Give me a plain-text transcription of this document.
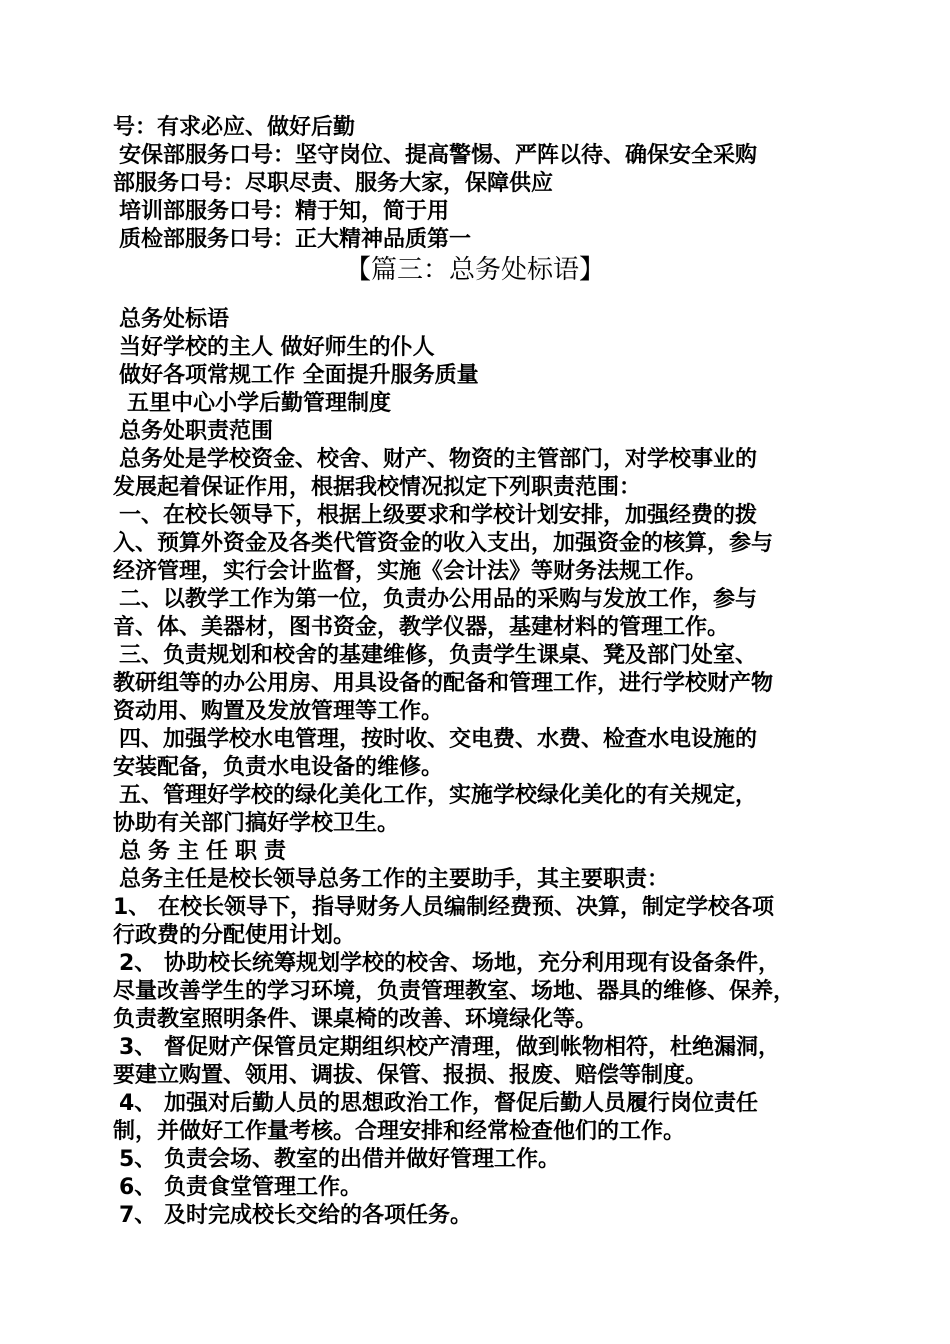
号：有求必应、做好后勤
安保部服务口号：坚守岗位、提高警惕、严阵以待、确保安全采购
部服务口号：尽职尽责、服务大家，保障供应
培训部服务口号：精于知，简于用
质检部服务口号：正大精神品质第一
【篇三：总务处标语】
总务处标语
当好学校的主人 做好师生的仆人
做好各项常规工作 全面提升服务质量
五里中心小学后勤管理制度
总务处职责范围
总务处是学校资金、校舍、财产、物资的主管部门，对学校事业的
发展起着保证作用，根据我校情况拟定下列职责范围：
一、在校长领导下，根据上级要求和学校计划安排，加强经费的拨
入、预算外资金及各类代管资金的收入支出，加强资金的核算，参与
经济管理，实行会计监督，实施《会计法》等财务法规工作。
二、以教学工作为第一位，负责办公用品的采购与发放工作，参与
音、体、美器材，图书资金，教学仪器，基建材料的管理工作。
三、负责规划和校舍的基建维修，负责学生课桌、凳及部门处室、
教研组等的办公用房、用具设备的配备和管理工作，进行学校财产物
资动用、购置及发放管理等工作。
四、加强学校水电管理，按时收、交电费、水费、检查水电设施的
安装配备，负责水电设备的维修。
五、管理好学校的绿化美化工作，实施学校绿化美化的有关规定，
协助有关部门搞好学校卫生。
总务主任职责
总务主任是校长领导总务工作的主要助手，其主要职责：
1、 在校长领导下，指导财务人员编制经费预、决算，制定学校各项
行政费的分配使用计划。
2、 协助校长统筹规划学校的校舍、场地，充分利用现有设备条件，
尽量改善学生的学习环境，负责管理教室、场地、器具的维修、保养，
负责教室照明条件、课桌椅的改善、环境绿化等。
3、 督促财产保管员定期组织校产清理，做到帐物相符，杜绝漏洞，
要建立购置、领用、调拔、保管、报损、报废、赔偿等制度。
4、 加强对后勤人员的思想政治工作，督促后勤人员履行岗位责任
制，并做好工作量考核。合理安排和经常检查他们的工作。
5、 负责会场、教室的出借并做好管理工作。
6、 负责食堂管理工作。
7、 及时完成校长交给的各项任务。
